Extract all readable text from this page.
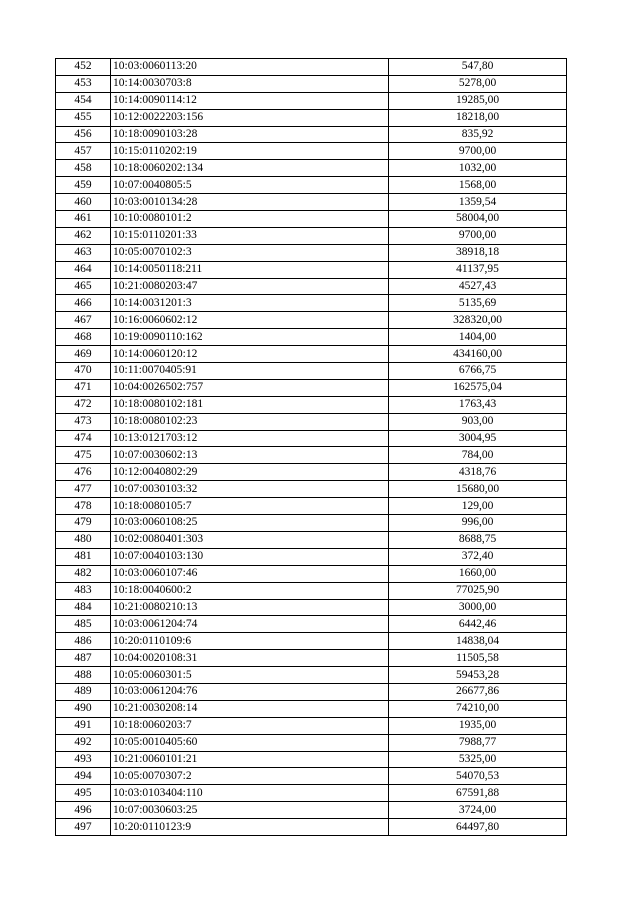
452	10:03:0060113:20	547,80
453	10:14:0030703:8	5278,00
454	10:14:0090114:12	19285,00
455	10:12:0022203:156	18218,00
456	10:18:0090103:28	835,92
457	10:15:0110202:19	9700,00
458	10:18:0060202:134	1032,00
459	10:07:0040805:5	1568,00
460	10:03:0010134:28	1359,54
461	10:10:0080101:2	58004,00
462	10:15:0110201:33	9700,00
463	10:05:0070102:3	38918,18
464	10:14:0050118:211	41137,95
465	10:21:0080203:47	4527,43
466	10:14:0031201:3	5135,69
467	10:16:0060602:12	328320,00
468	10:19:0090110:162	1404,00
469	10:14:0060120:12	434160,00
470	10:11:0070405:91	6766,75
471	10:04:0026502:757	162575,04
472	10:18:0080102:181	1763,43
473	10:18:0080102:23	903,00
474	10:13:0121703:12	3004,95
475	10:07:0030602:13	784,00
476	10:12:0040802:29	4318,76
477	10:07:0030103:32	15680,00
478	10:18:0080105:7	129,00
479	10:03:0060108:25	996,00
480	10:02:0080401:303	8688,75
481	10:07:0040103:130	372,40
482	10:03:0060107:46	1660,00
483	10:18:0040600:2	77025,90
484	10:21:0080210:13	3000,00
485	10:03:0061204:74	6442,46
486	10:20:0110109:6	14838,04
487	10:04:0020108:31	11505,58
488	10:05:0060301:5	59453,28
489	10:03:0061204:76	26677,86
490	10:21:0030208:14	74210,00
491	10:18:0060203:7	1935,00
492	10:05:0010405:60	7988,77
493	10:21:0060101:21	5325,00
494	10:05:0070307:2	54070,53
495	10:03:0103404:110	67591,88
496	10:07:0030603:25	3724,00
497	10:20:0110123:9	64497,80
